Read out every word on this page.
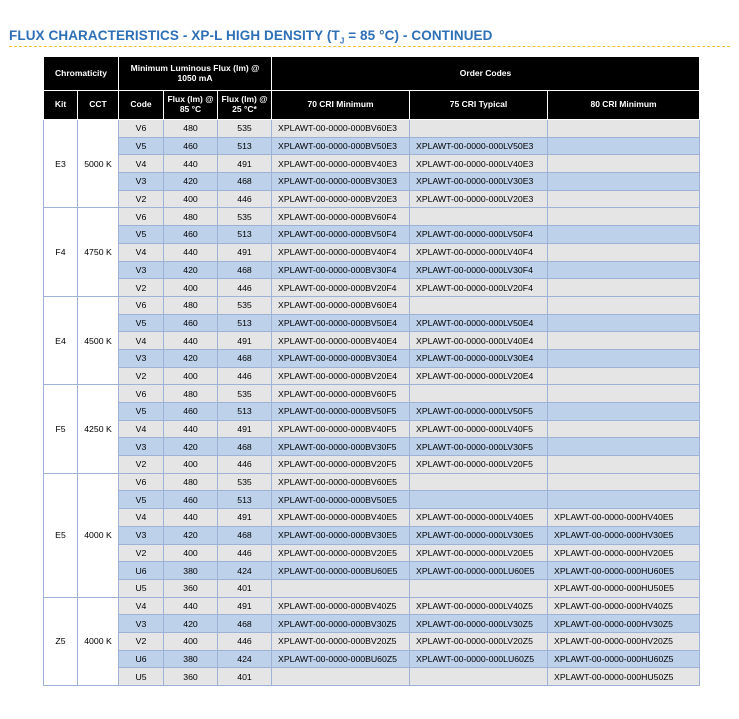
FLUX CHARACTERISTICS - XP-L HIGH DENSITY ($T_J = 85$ °C) - CONTINUED
Chromaticity		Minimum Luminous Flux (lm) @ 1050 mA			Order Codes		
Kit	CCT	Code	Flux (lm) @ 85 °C	Flux (lm) @ 25 °C*	70 CRI Minimum	75 CRI Typical	80 CRI Minimum
E3	5000 K	V6	480	535	XPLAWT-00-0000-000BV60E3		
		V5	460	513	XPLAWT-00-0000-000BV50E3	XPLAWT-00-0000-000LV50E3	
		V4	440	491	XPLAWT-00-0000-000BV40E3	XPLAWT-00-0000-000LV40E3	
		V3	420	468	XPLAWT-00-0000-000BV30E3	XPLAWT-00-0000-000LV30E3	
		V2	400	446	XPLAWT-00-0000-000BV20E3	XPLAWT-00-0000-000LV20E3	
F4	4750 K	V6	480	535	XPLAWT-00-0000-000BV60F4		
		V5	460	513	XPLAWT-00-0000-000BV50F4	XPLAWT-00-0000-000LV50F4	
		V4	440	491	XPLAWT-00-0000-000BV40F4	XPLAWT-00-0000-000LV40F4	
		V3	420	468	XPLAWT-00-0000-000BV30F4	XPLAWT-00-0000-000LV30F4	
		V2	400	446	XPLAWT-00-0000-000BV20F4	XPLAWT-00-0000-000LV20F4	
E4	4500 K	V6	480	535	XPLAWT-00-0000-000BV60E4		
		V5	460	513	XPLAWT-00-0000-000BV50E4	XPLAWT-00-0000-000LV50E4	
		V4	440	491	XPLAWT-00-0000-000BV40E4	XPLAWT-00-0000-000LV40E4	
		V3	420	468	XPLAWT-00-0000-000BV30E4	XPLAWT-00-0000-000LV30E4	
		V2	400	446	XPLAWT-00-0000-000BV20E4	XPLAWT-00-0000-000LV20E4	
F5	4250 K	V6	480	535	XPLAWT-00-0000-000BV60F5		
		V5	460	513	XPLAWT-00-0000-000BV50F5	XPLAWT-00-0000-000LV50F5	
		V4	440	491	XPLAWT-00-0000-000BV40F5	XPLAWT-00-0000-000LV40F5	
		V3	420	468	XPLAWT-00-0000-000BV30F5	XPLAWT-00-0000-000LV30F5	
		V2	400	446	XPLAWT-00-0000-000BV20F5	XPLAWT-00-0000-000LV20F5	
E5	4000 K	V6	480	535	XPLAWT-00-0000-000BV60E5		
		V5	460	513	XPLAWT-00-0000-000BV50E5		
		V4	440	491	XPLAWT-00-0000-000BV40E5	XPLAWT-00-0000-000LV40E5	XPLAWT-00-0000-000HV40E5
		V3	420	468	XPLAWT-00-0000-000BV30E5	XPLAWT-00-0000-000LV30E5	XPLAWT-00-0000-000HV30E5
		V2	400	446	XPLAWT-00-0000-000BV20E5	XPLAWT-00-0000-000LV20E5	XPLAWT-00-0000-000HV20E5
		U6	380	424	XPLAWT-00-0000-000BU60E5	XPLAWT-00-0000-000LU60E5	XPLAWT-00-0000-000HU60E5
		U5	360	401			XPLAWT-00-0000-000HU50E5
Z5	4000 K	V4	440	491	XPLAWT-00-0000-000BV40Z5	XPLAWT-00-0000-000LV40Z5	XPLAWT-00-0000-000HV40Z5
		V3	420	468	XPLAWT-00-0000-000BV30Z5	XPLAWT-00-0000-000LV30Z5	XPLAWT-00-0000-000HV30Z5
		V2	400	446	XPLAWT-00-0000-000BV20Z5	XPLAWT-00-0000-000LV20Z5	XPLAWT-00-0000-000HV20Z5
		U6	380	424	XPLAWT-00-0000-000BU60Z5	XPLAWT-00-0000-000LU60Z5	XPLAWT-00-0000-000HU60Z5
		U5	360	401			XPLAWT-00-0000-000HU50Z5
